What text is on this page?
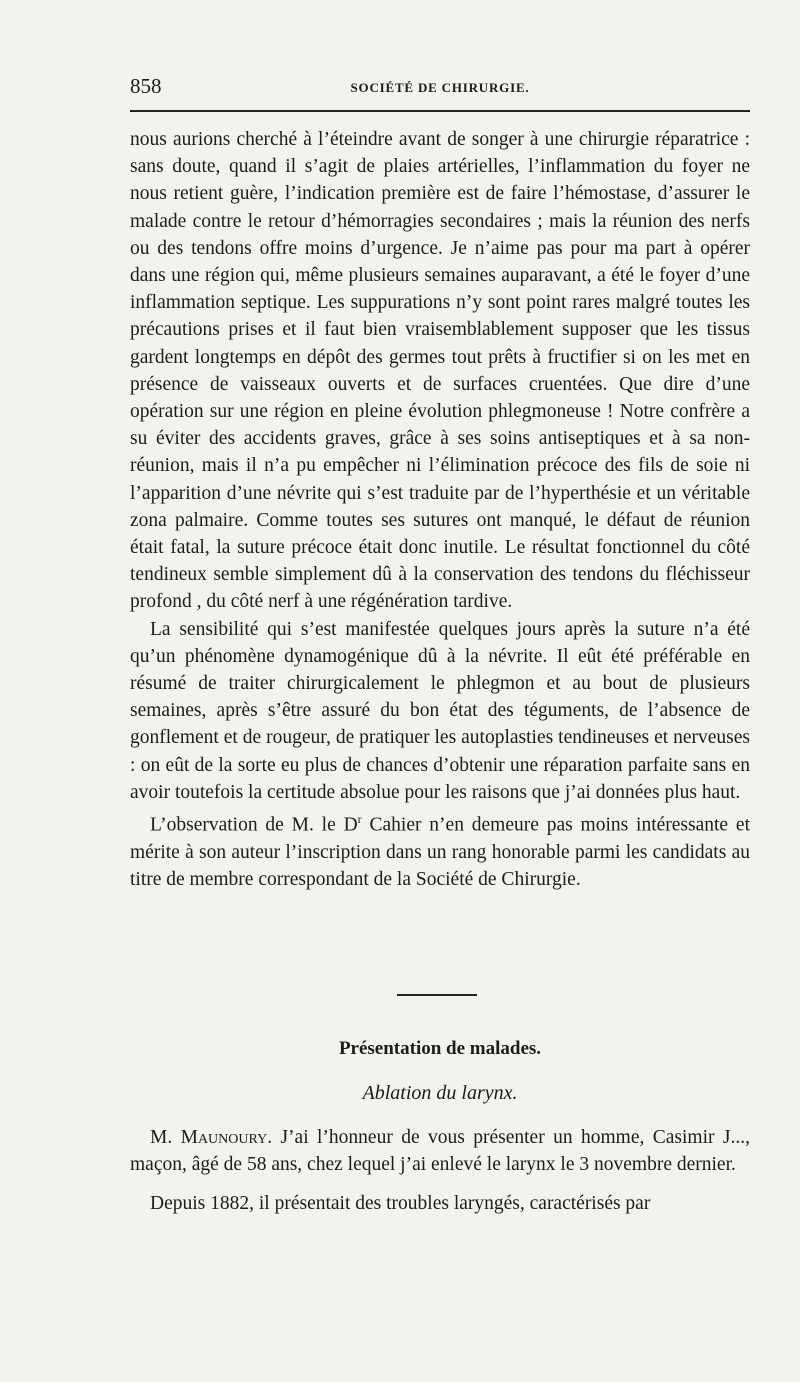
858	SOCIÉTÉ DE CHIRURGIE.

nous aurions cherché à l’éteindre avant de songer à une chirurgie réparatrice : sans doute, quand il s’agit de plaies artérielles, l’inflammation du foyer ne nous retient guère, l’indication première est de faire l’hémostase, d’assurer le malade contre le retour d’hémorragies secondaires ; mais la réunion des nerfs ou des tendons offre moins d’urgence. Je n’aime pas pour ma part à opérer dans une région qui, même plusieurs semaines auparavant, a été le foyer d’une inflammation septique. Les suppurations n’y sont point rares malgré toutes les précautions prises et il faut bien vraisemblablement supposer que les tissus gardent longtemps en dépôt des germes tout prêts à fructifier si on les met en présence de vaisseaux ouverts et de surfaces cruentées. Que dire d’une opération sur une région en pleine évolution phlegmoneuse ! Notre confrère a su éviter des accidents graves, grâce à ses soins antiseptiques et à sa non-réunion, mais il n’a pu empêcher ni l’élimination précoce des fils de soie ni l’apparition d’une névrite qui s’est traduite par de l’hyperthésie et un véritable zona palmaire. Comme toutes ses sutures ont manqué, le défaut de réunion était fatal, la suture précoce était donc inutile. Le résultat fonctionnel du côté tendineux semble simplement dû à la conservation des tendons du fléchisseur profond , du côté nerf à une régénération tardive.

La sensibilité qui s’est manifestée quelques jours après la suture n’a été qu’un phénomène dynamogénique dû à la névrite. Il eût été préférable en résumé de traiter chirurgicalement le phlegmon et au bout de plusieurs semaines, après s’être assuré du bon état des téguments, de l’absence de gonflement et de rougeur, de pratiquer les autoplasties tendineuses et nerveuses : on eût de la sorte eu plus de chances d’obtenir une réparation parfaite sans en avoir toutefois la certitude absolue pour les raisons que j’ai données plus haut.

L’observation de M. le $D^r$ Cahier n’en demeure pas moins intéressante et mérite à son auteur l’inscription dans un rang honorable parmi les candidats au titre de membre correspondant de la Société de Chirurgie.

Présentation de malades.
Ablation du larynx.

M. Maunoury. J’ai l’honneur de vous présenter un homme, Casimir J..., maçon, âgé de 58 ans, chez lequel j’ai enlevé le larynx le 3 novembre dernier.

Depuis 1882, il présentait des troubles laryngés, caractérisés par
